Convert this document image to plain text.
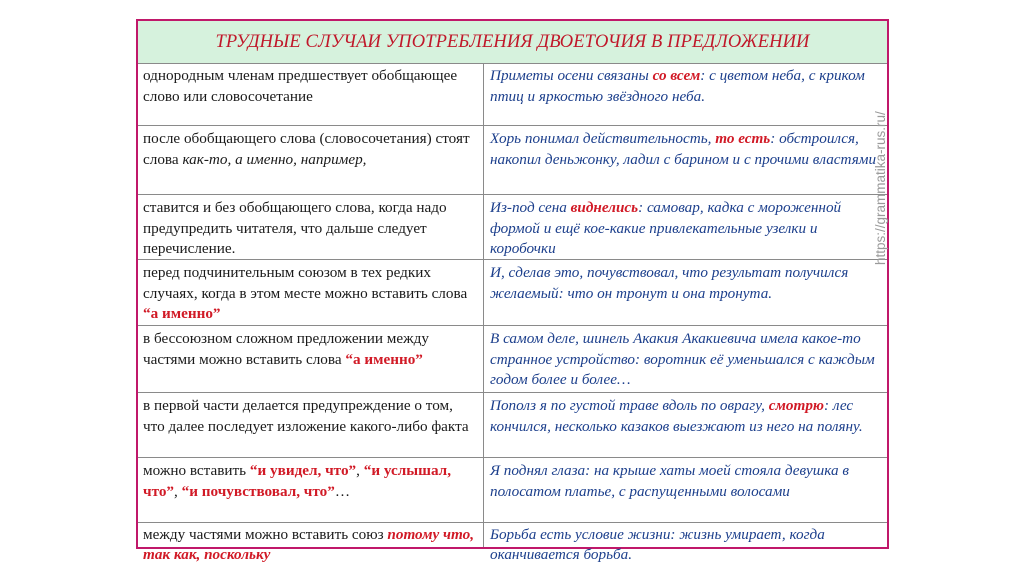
ТРУДНЫЕ СЛУЧАИ УПОТРЕБЛЕНИЯ ДВОЕТОЧИЯ В ПРЕДЛОЖЕНИИ
однородным членам предшествует обобщающее слово или словосочетание
Приметы осени связаны со всем: с цветом неба, с криком птиц и яркостью звёздного неба.
после обобщающего слова (словосочетания) стоят слова как-то, а именно, например,
Хорь понимал действительность, то есть: обстроился, накопил деньжонку, ладил с барином и с прочими властями
ставится и без обобщающего слова, когда надо предупредить читателя, что дальше следует перечисление.
Из-под сена виднелись: самовар, кадка с мороженной формой и ещё кое-какие привлекательные узелки и коробочки
перед подчинительным союзом в тех редких случаях, когда в этом месте можно вставить слова “а именно”
И, сделав это, почувствовал, что результат получился желаемый: что он тронут и она тронута.
в бессоюзном сложном предложении между частями можно вставить слова “а именно”
В самом деле, шинель Акакия Акакиевича имела какое-то странное устройство: воротник её уменьшался с каждым годом более и более…
в первой части делается предупреждение о том, что далее последует изложение какого-либо факта
Пополз я по густой траве вдоль по оврагу, смотрю: лес кончился, несколько казаков выезжают из него на поляну.
можно вставить “и увидел, что”, “и услышал, что”, “и почувствовал, что”…
Я поднял глаза: на крыше хаты моей стояла девушка в полосатом платье, с распущенными волосами
между частями можно вставить союз потому что, так как, поскольку
Борьба есть условие жизни: жизнь умирает, когда оканчивается борьба.
https://grammatika-rus.ru/
